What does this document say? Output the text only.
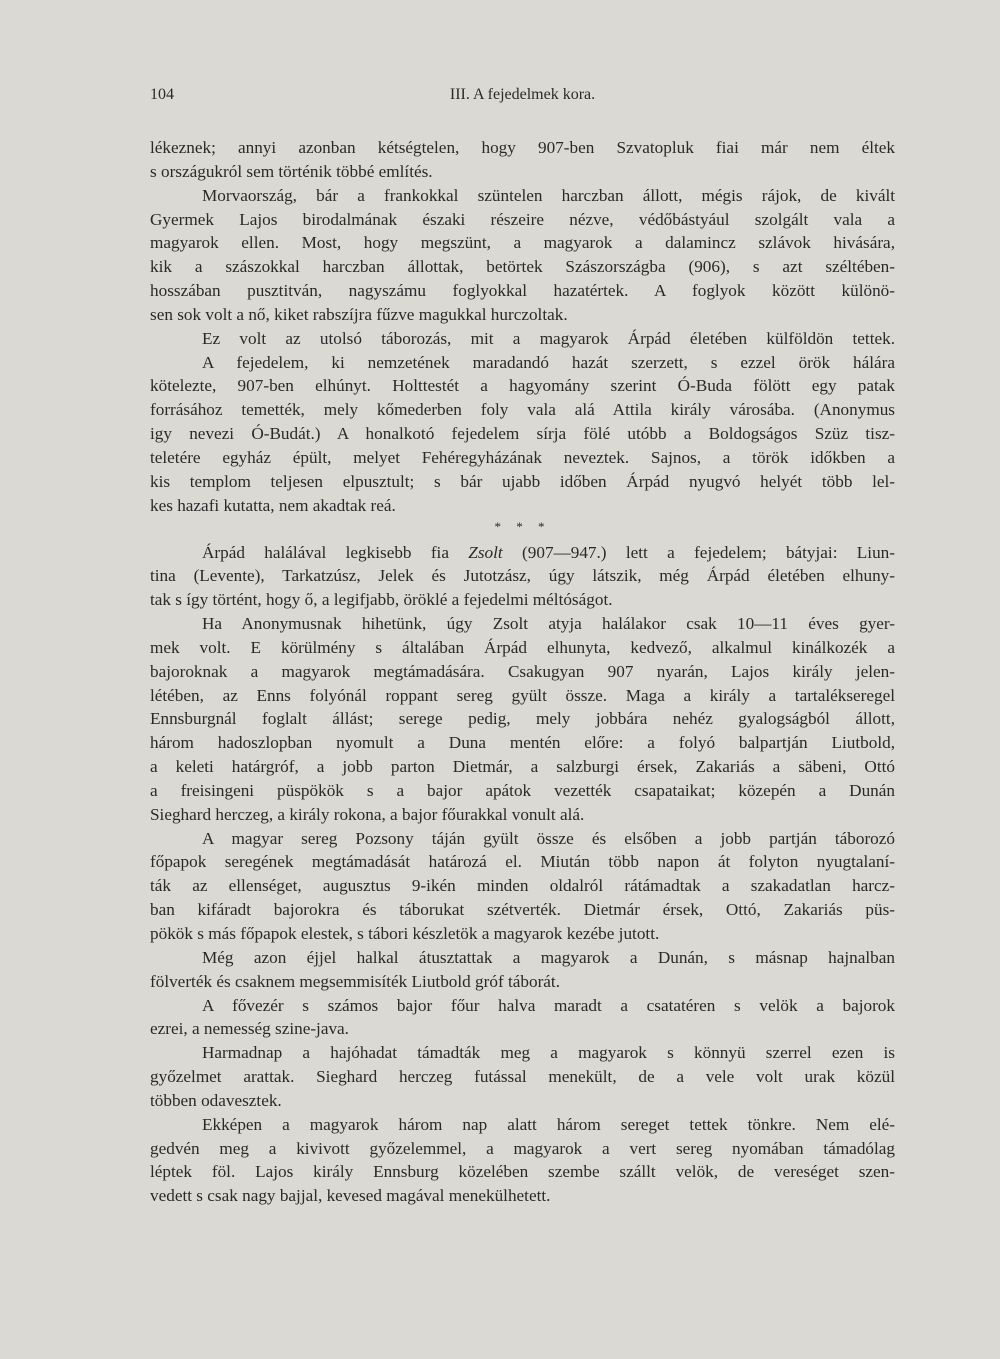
104	III. A fejedelmek kora.
lékeznek; annyi azonban kétségtelen, hogy 907-ben Szvatopluk fiai már nem éltek
s országukról sem történik többé említés.
Morvaország, bár a frankokkal szüntelen harczban állott, mégis rájok, de kivált
Gyermek Lajos birodalmának északi részeire nézve, védőbástyául szolgált vala a
magyarok ellen. Most, hogy megszünt, a magyarok a dalamincz szlávok hivására,
kik a szászokkal harczban állottak, betörtek Szászországba (906), s azt széltében-
hosszában pusztitván, nagyszámu foglyokkal hazatértek. A foglyok között különö-
sen sok volt a nő, kiket rabszíjra fűzve magukkal hurczoltak.
Ez volt az utolsó táborozás, mit a magyarok Árpád életében külföldön tettek.
A fejedelem, ki nemzetének maradandó hazát szerzett, s ezzel örök hálára
kötelezte, 907-ben elhúnyt. Holttestét a hagyomány szerint Ó-Buda fölött egy patak
forrásához temették, mely kőmederben foly vala alá Attila király városába. (Anonymus
igy nevezi Ó-Budát.) A honalkotó fejedelem sírja fölé utóbb a Boldogságos Szüz tisz-
teletére egyház épült, melyet Fehéregyházának neveztek. Sajnos, a török időkben a
kis templom teljesen elpusztult; s bár ujabb időben Árpád nyugvó helyét több lel-
kes hazafi kutatta, nem akadtak reá.
* * *
Árpád halálával legkisebb fia Zsolt (907—947.) lett a fejedelem; bátyjai: Liun-
tina (Levente), Tarkatzúsz, Jelek és Jutotzász, úgy látszik, még Árpád életében elhuny-
tak s így történt, hogy ő, a legifjabb, öröklé a fejedelmi méltóságot.
Ha Anonymusnak hihetünk, úgy Zsolt atyja halálakor csak 10—11 éves gyer-
mek volt. E körülmény s általában Árpád elhunyta, kedvező, alkalmul kinálkozék a
bajoroknak a magyarok megtámadására. Csakugyan 907 nyarán, Lajos király jelen-
létében, az Enns folyónál roppant sereg gyült össze. Maga a király a tartalékseregel
Ennsburgnál foglalt állást; serege pedig, mely jobbára nehéz gyalogságból állott,
három hadoszlopban nyomult a Duna mentén előre: a folyó balpartján Liutbold,
a keleti határgróf, a jobb parton Dietmár, a salzburgi érsek, Zakariás a säbeni, Ottó
a freisingeni püspökök s a bajor apátok vezették csapataikat; közepén a Dunán
Sieghard herczeg, a király rokona, a bajor főurakkal vonult alá.
A magyar sereg Pozsony táján gyült össze és elsőben a jobb partján táborozó
főpapok seregének megtámadását határozá el. Miután több napon át folyton nyugtalaní-
ták az ellenséget, augusztus 9-ikén minden oldalról rátámadtak a szakadatlan harcz-
ban kifáradt bajorokra és táborukat szétverték. Dietmár érsek, Ottó, Zakariás püs-
pökök s más főpapok elestek, s tábori készletök a magyarok kezébe jutott.
Még azon éjjel halkal átusztattak a magyarok a Dunán, s másnap hajnalban
fölverték és csaknem megsemmisíték Liutbold gróf táborát.
A fővezér s számos bajor főur halva maradt a csatatéren s velök a bajorok
ezrei, a nemesség szine-java.
Harmadnap a hajóhadat támadták meg a magyarok s könnyü szerrel ezen is
győzelmet arattak. Sieghard herczeg futással menekült, de a vele volt urak közül
többen odavesztek.
Ekképen a magyarok három nap alatt három sereget tettek tönkre. Nem elé-
gedvén meg a kivivott győzelemmel, a magyarok a vert sereg nyomában támadólag
léptek föl. Lajos király Ennsburg közelében szembe szállt velök, de vereséget szen-
vedett s csak nagy bajjal, kevesed magával menekülhetett.
